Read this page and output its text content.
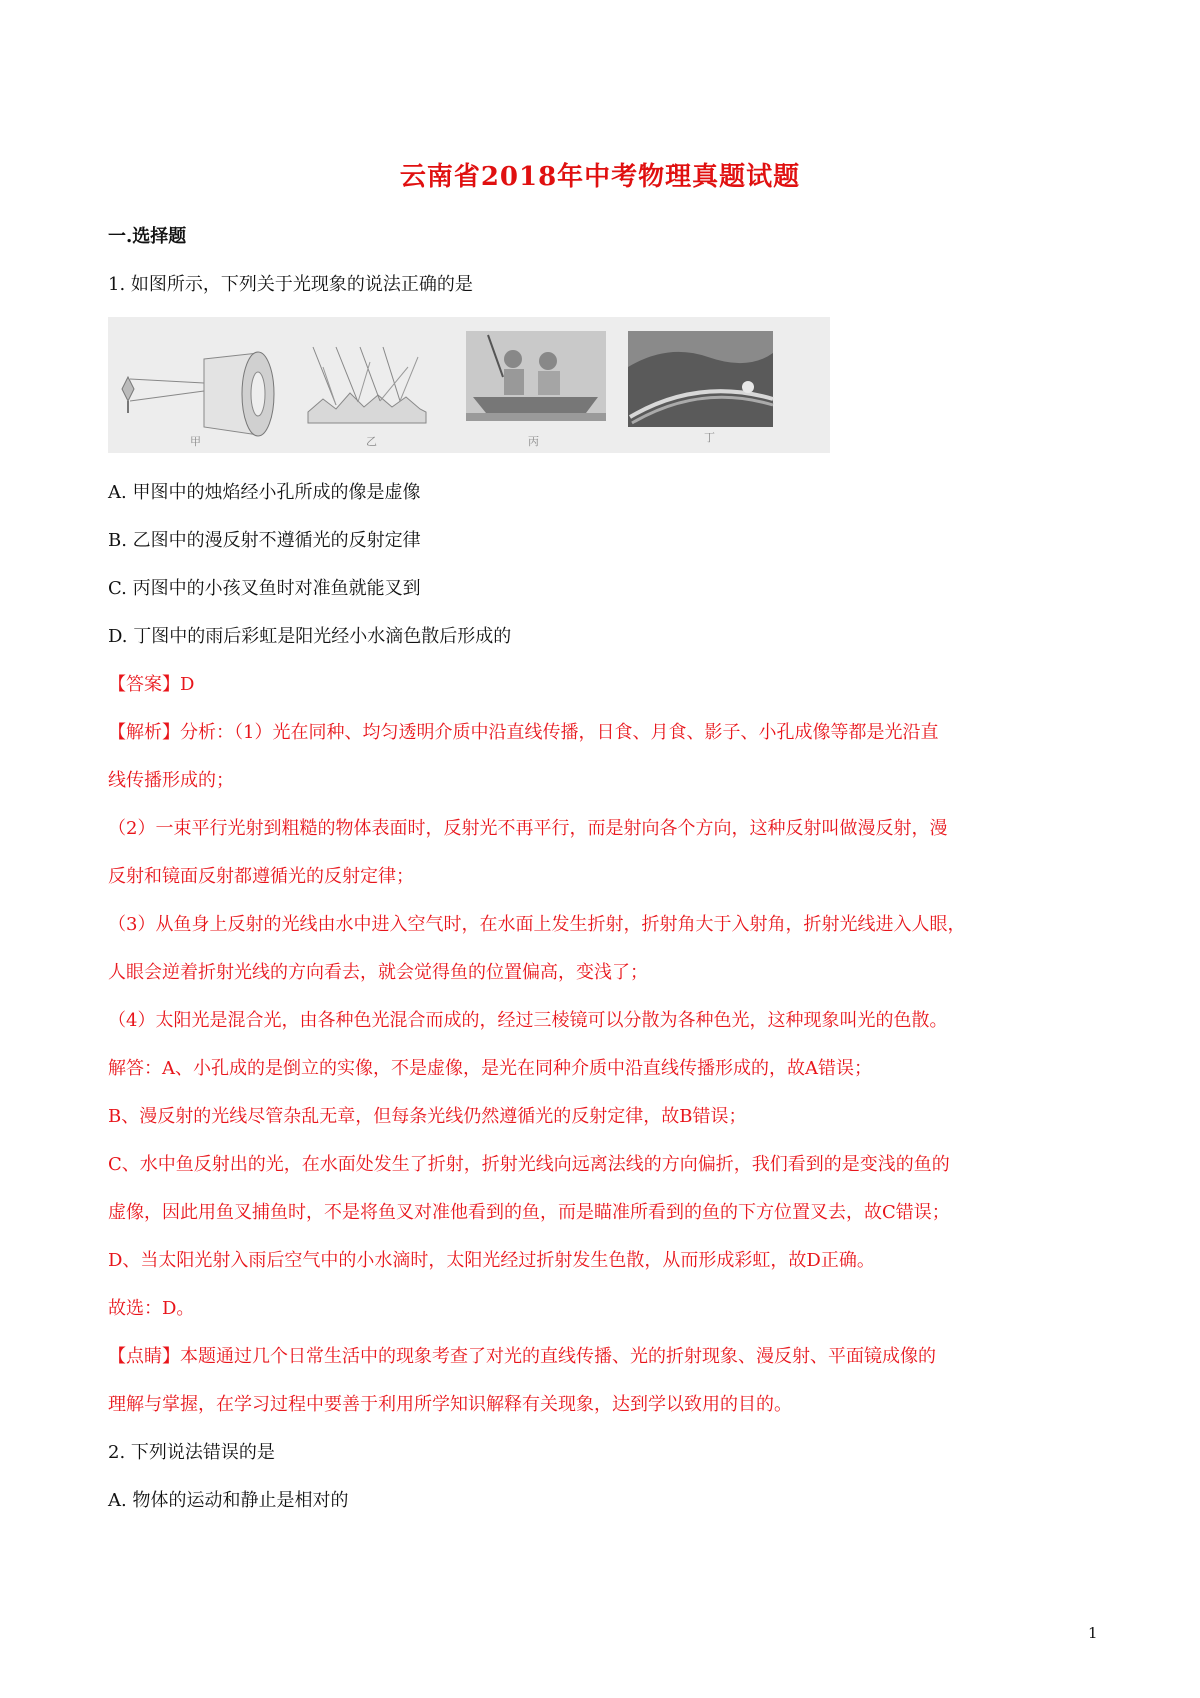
云南省2018年中考物理真题试题
一.选择题
1. 如图所示，下列关于光现象的说法正确的是
甲	乙	丙	丁
A. 甲图中的烛焰经小孔所成的像是虚像
B. 乙图中的漫反射不遵循光的反射定律
C. 丙图中的小孩叉鱼时对准鱼就能叉到
D. 丁图中的雨后彩虹是阳光经小水滴色散后形成的
【答案】D
【解析】分析：（1）光在同种、均匀透明介质中沿直线传播，日食、月食、影子、小孔成像等都是光沿直
线传播形成的；
（2）一束平行光射到粗糙的物体表面时，反射光不再平行，而是射向各个方向，这种反射叫做漫反射，漫
反射和镜面反射都遵循光的反射定律；
（3）从鱼身上反射的光线由水中进入空气时，在水面上发生折射，折射角大于入射角，折射光线进入人眼，
人眼会逆着折射光线的方向看去，就会觉得鱼的位置偏高，变浅了；
（4）太阳光是混合光，由各种色光混合而成的，经过三棱镜可以分散为各种色光，这种现象叫光的色散。
解答：A、小孔成的是倒立的实像，不是虚像，是光在同种介质中沿直线传播形成的，故A错误；
B、漫反射的光线尽管杂乱无章，但每条光线仍然遵循光的反射定律，故B错误；
C、水中鱼反射出的光，在水面处发生了折射，折射光线向远离法线的方向偏折，我们看到的是变浅的鱼的
虚像，因此用鱼叉捕鱼时，不是将鱼叉对准他看到的鱼，而是瞄准所看到的鱼的下方位置叉去，故C错误；
D、当太阳光射入雨后空气中的小水滴时，太阳光经过折射发生色散，从而形成彩虹，故D正确。
故选：D。
【点睛】本题通过几个日常生活中的现象考查了对光的直线传播、光的折射现象、漫反射、平面镜成像的
理解与掌握，在学习过程中要善于利用所学知识解释有关现象，达到学以致用的目的。
2. 下列说法错误的是
A. 物体的运动和静止是相对的
1
